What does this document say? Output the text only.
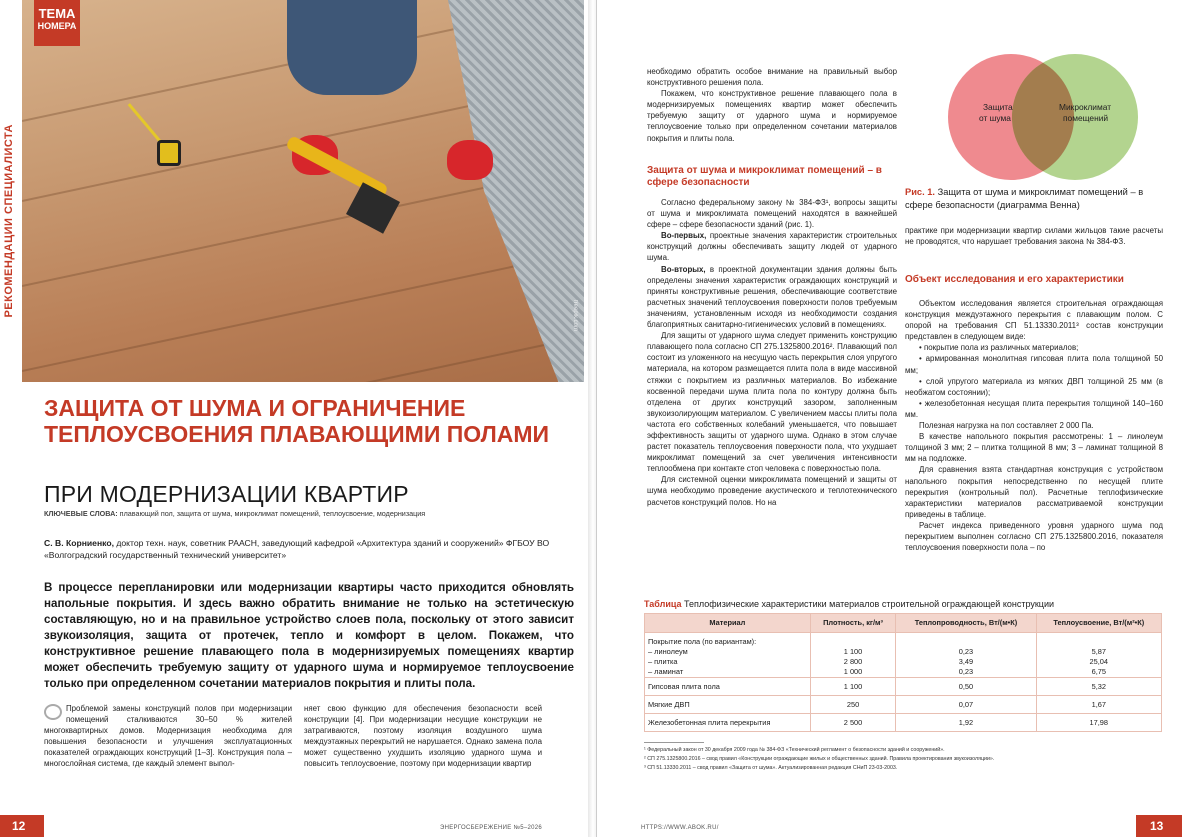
freepik.com
ТЕМА
НОМЕРА
РЕКОМЕНДАЦИИ СПЕЦИАЛИСТА
ЗАЩИТА ОТ ШУМА И ОГРАНИЧЕНИЕ ТЕПЛОУСВОЕНИЯ ПЛАВАЮЩИМИ ПОЛАМИ
ПРИ МОДЕРНИЗАЦИИ КВАРТИР
КЛЮЧЕВЫЕ СЛОВА: плавающий пол, защита от шума, микроклимат помещений, теплоусвоение, модернизация
С. В. Корниенко, доктор техн. наук, советник РААСН, заведующий кафедрой «Архитектура зданий и сооружений» ФГБОУ ВО «Волгоградский государственный технический университет»
В процессе перепланировки или модернизации квартиры часто приходится обновлять напольные покрытия. И здесь важно обратить внимание не только на эстетическую составляющую, но и на правильное устройство слоев пола, поскольку от этого зависит звукоизоляция, защита от протечек, тепло и комфорт в целом. Покажем, что конструктивное решение плавающего пола в модернизируемых помещениях квартир может обеспечить требуемую защиту от ударного шума и нормируемое теплоусвоение только при определенном сочетании материалов покрытия и плиты пола.
Проблемой замены конструкций полов при модернизации помещений сталкиваются 30–50 % жителей многоквартирных домов. Модернизация необходима для повышения безопасности и улучшения эксплуатационных показателей ограждающих конструкций [1–3]. Конструкция пола – многослойная система, где каждый элемент выпол-
няет свою функцию для обеспечения безопасности всей конструкции [4]. При модернизации несущие конструкции не затрагиваются, поэтому изоляция воздушного шума междуэтажных перекрытий не нарушается. Однако замена пола может существенно ухудшить изоляцию ударного шума и повысить теплоусвоение, поэтому при модернизации квартир
12	ЭНЕРГОСБЕРЕЖЕНИЕ №5–2026

необходимо обратить особое внимание на правильный выбор конструктивного решения пола.

Покажем, что конструктивное решение плавающего пола в модернизируемых помещениях квартир может обеспечить требуемую защиту от ударного шума и нормируемое теплоусвоение только при определенном сочетании материалов покрытия и плиты пола.

Защита от шума и микроклимат помещений – в сфере безопасности

Согласно федеральному закону № 384-ФЗ¹, вопросы защиты от шума и микроклимата помещений находятся в важнейшей сфере – сфере безопасности зданий (рис. 1).

Во-первых, проектные значения характеристик строительных конструкций должны обеспечивать защиту людей от ударного шума.

Во-вторых, в проектной документации здания должны быть определены значения характеристик ограждающих конструкций и приняты конструктивные решения, обеспечивающие соответствие расчетных значений теплоусвоения поверхности полов требуемым значениям, установленным исходя из необходимости создания благоприятных санитарно-гигиенических условий в помещениях.

Для защиты от ударного шума следует применить конструкцию плавающего пола согласно СП 275.1325800.2016². Плавающий пол состоит из уложенного на несущую часть перекрытия слоя упругого материала, на котором размещается плита пола в виде массивной стяжки с покрытием из различных материалов. Во избежание косвенной передачи шума плита пола по контуру должна быть отделена от других конструкций зазором, заполненным звукоизолирующим материалом. С увеличением массы плиты пола частота его собственных колебаний уменьшается, что повышает эффективность защиты от ударного шума. Однако в этом случае растет показатель теплоусвоения поверхности пола, что ухудшает микроклимат помещений за счет увеличения интенсивности теплообмена при контакте стоп человека с поверхностью пола.

Для системной оценки микроклимата помещений и защиты от шума необходимо проведение акустического и теплотехнического расчетов конструкций полов. Но на

Защита
от шума
Микроклимат
помещений
Рис. 1. Защита от шума и микроклимат помещений – в сфере безопасности (диаграмма Венна)

практике при модернизации квартир силами жильцов такие расчеты не проводятся, что нарушает требования закона № 384-ФЗ.

Объект исследования и его характеристики

Объектом исследования является строительная ограждающая конструкция междуэтажного перекрытия с плавающим полом. С опорой на требования СП 51.13330.2011³ состав конструкции представлен в следующем виде:

• покрытие пола из различных материалов;

• армированная монолитная гипсовая плита пола толщиной 50 мм;

• слой упругого материала из мягких ДВП толщиной 25 мм (в необжатом состоянии);

• железобетонная несущая плита перекрытия толщиной 140–160 мм.

Полезная нагрузка на пол составляет 2 000 Па.

В качестве напольного покрытия рассмотрены: 1 – линолеум толщиной 3 мм; 2 – плитка толщиной 8 мм; 3 – ламинат толщиной 8 мм на подложке.

Для сравнения взята стандартная конструкция с устройством напольного покрытия непосредственно по несущей плите перекрытия (контрольный пол). Расчетные теплофизические характеристики материалов рассматриваемой конструкции приведены в таблице.

Расчет индекса приведенного уровня ударного шума под перекрытием выполнен согласно СП 275.1325800.2016, показателя теплоусвоения поверхности пола – по

Таблица Теплофизические характеристики материалов строительной ограждающей конструкции
Материал	Плотность, кг/м³	Теплопроводность, Вт/(м•К)	Теплоусвоение, Вт/(м²•К)
Покрытие пола (по вариантам):			
– линолеум	1 100	0,23	5,87
– плитка	2 800	3,49	25,04
– ламинат	1 000	0,23	6,75
Гипсовая плита пола	1 100	0,50	5,32
Мягкие ДВП	250	0,07	1,67
Железобетонная плита перекрытия	2 500	1,92	17,98
¹ Федеральный закон от 30 декабря 2009 года № 384-ФЗ «Технический регламент о безопасности зданий и сооружений».
² СП 275.1325800.2016 – свод правил «Конструкции ограждающие жилых и общественных зданий. Правила проектирования звукоизоляции».
³ СП 51.13330.2011 – свод правил «Защита от шума». Актуализированная редакция СНиП 23-03-2003.
HTTPS://WWW.ABOK.RU/	13
